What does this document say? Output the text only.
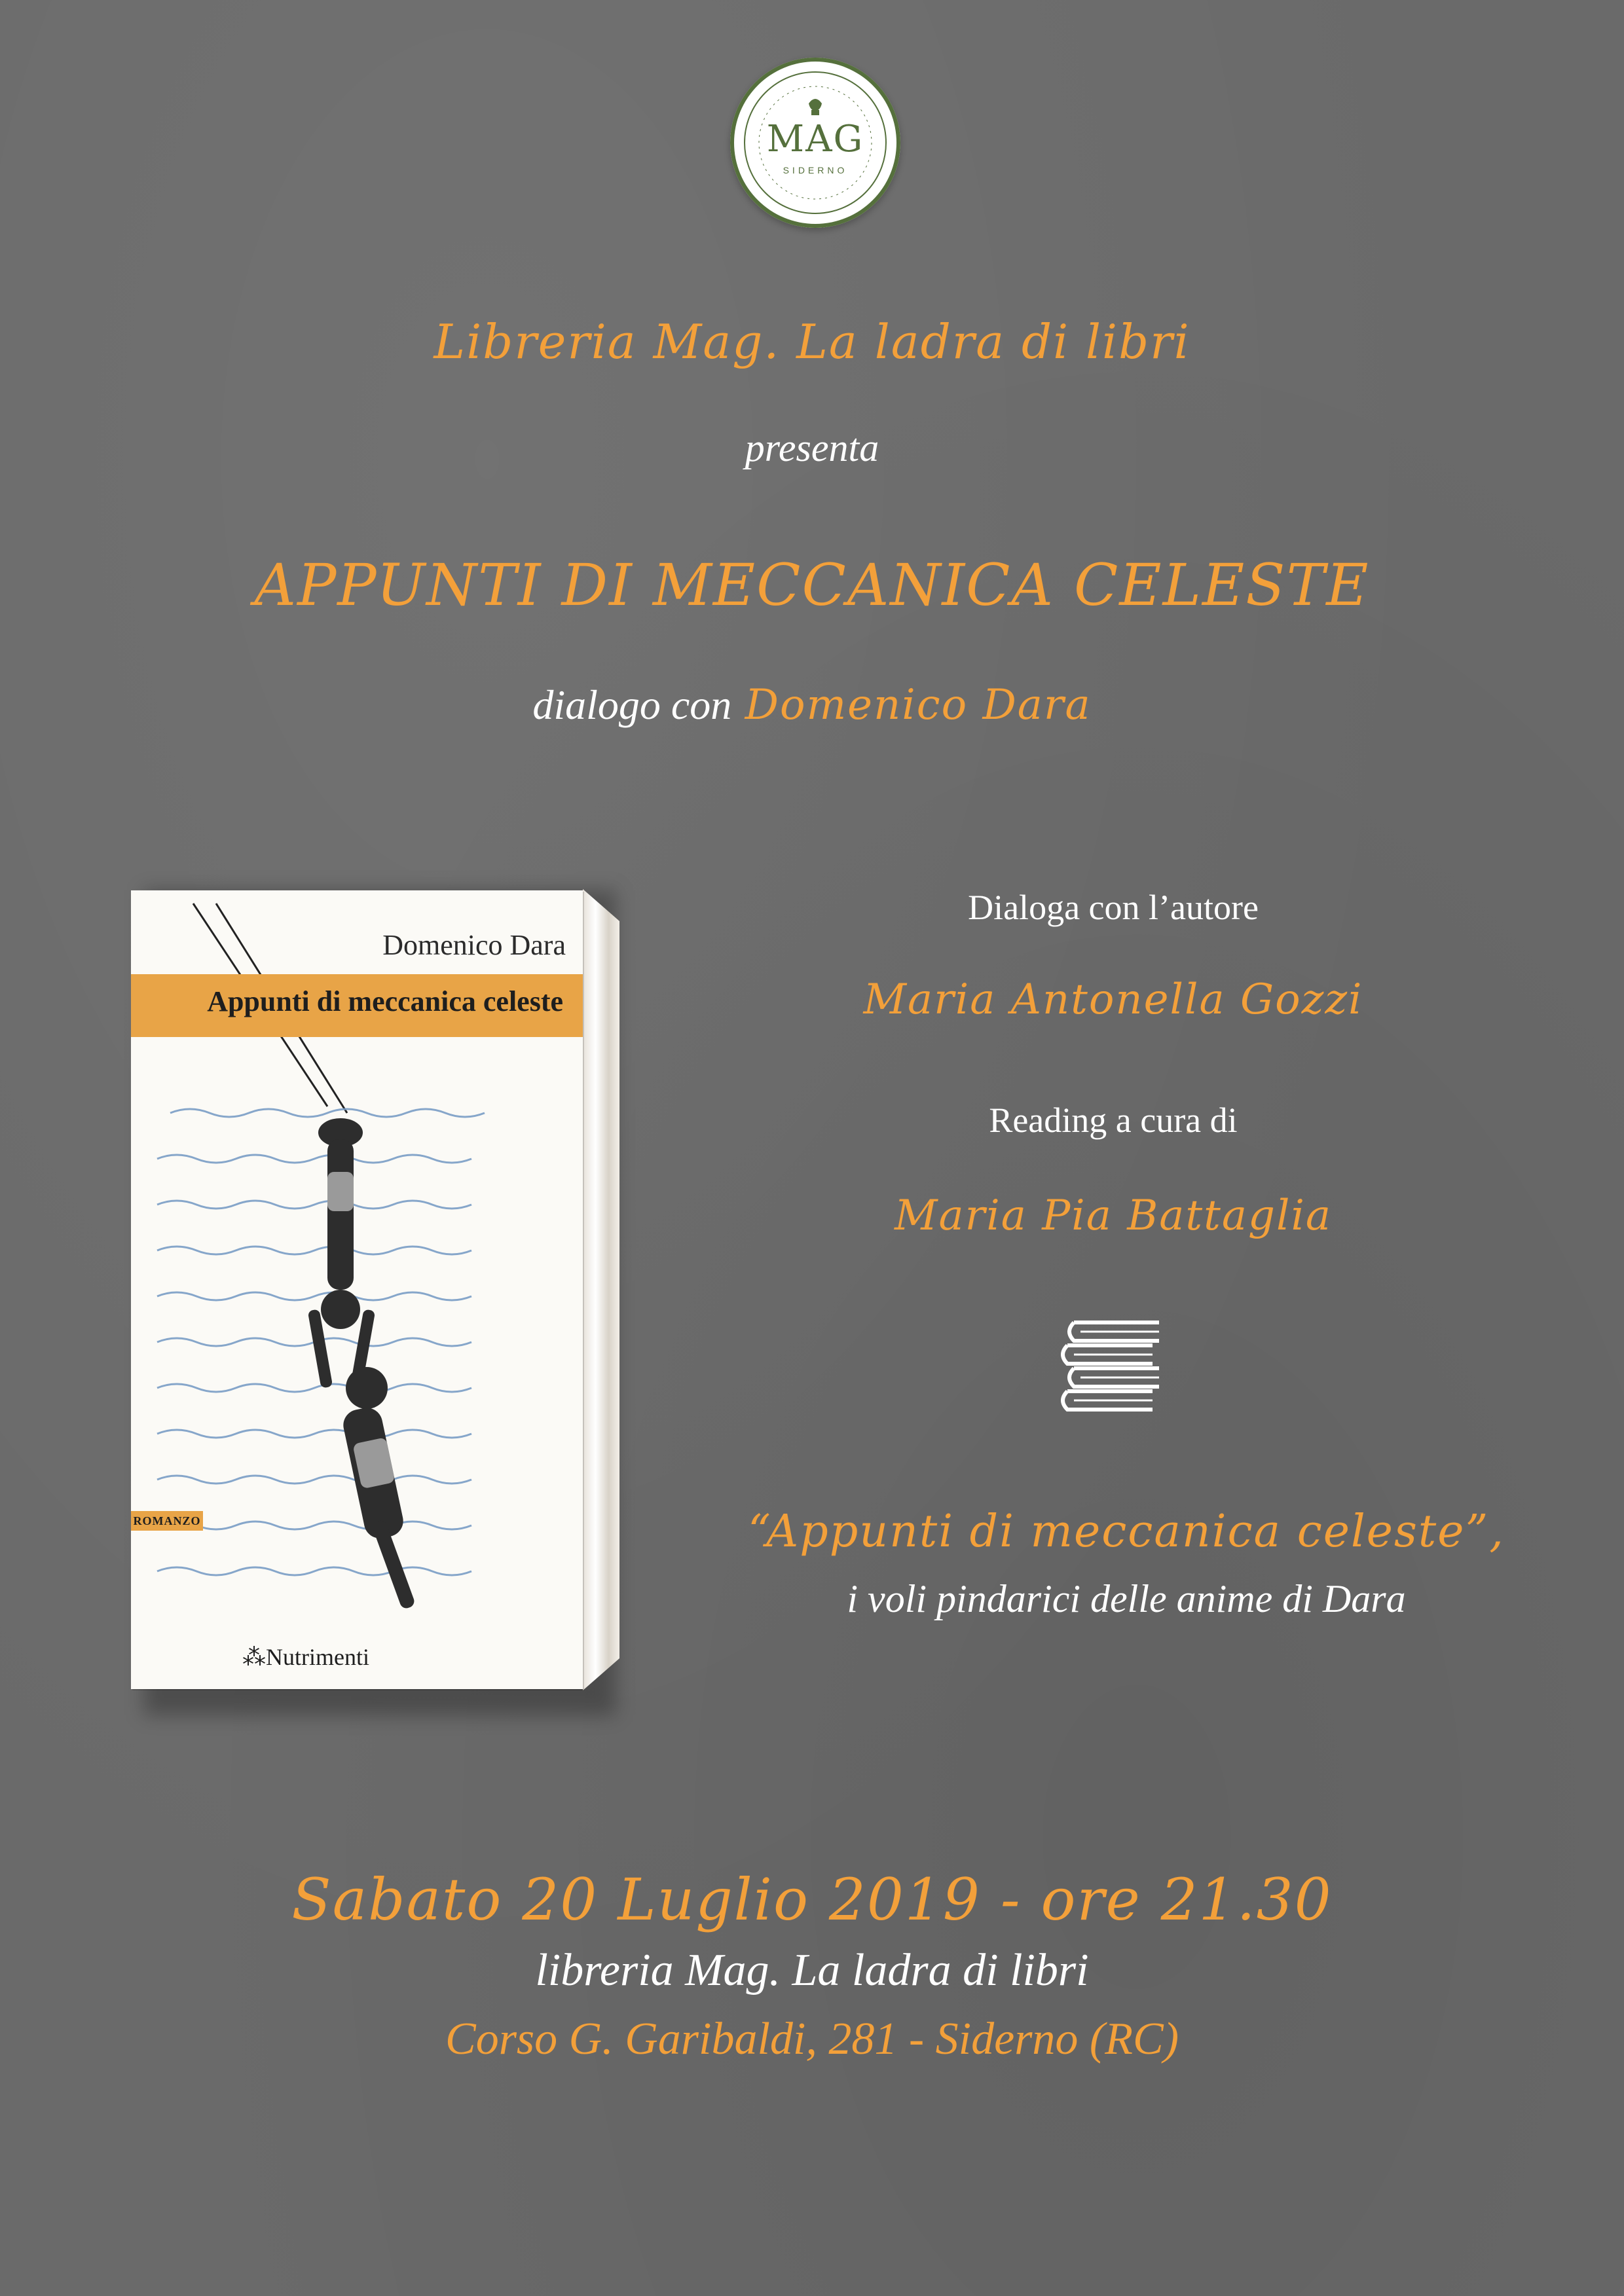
MAG
SIDERNO
Libreria Mag. La ladra di libri
presenta
APPUNTI DI MECCANICA CELESTE
dialogo con Domenico Dara
Domenico Dara
Appunti di meccanica celeste
ROMANZO
⁂Nutrimenti
Dialoga con l’autore
Maria Antonella Gozzi
Reading a cura di
Maria Pia Battaglia
“Appunti di meccanica celeste”,
i voli pindarici delle anime di Dara
Sabato 20 Luglio 2019 - ore 21.30
libreria Mag. La ladra di libri
Corso G. Garibaldi, 281 - Siderno (RC)
